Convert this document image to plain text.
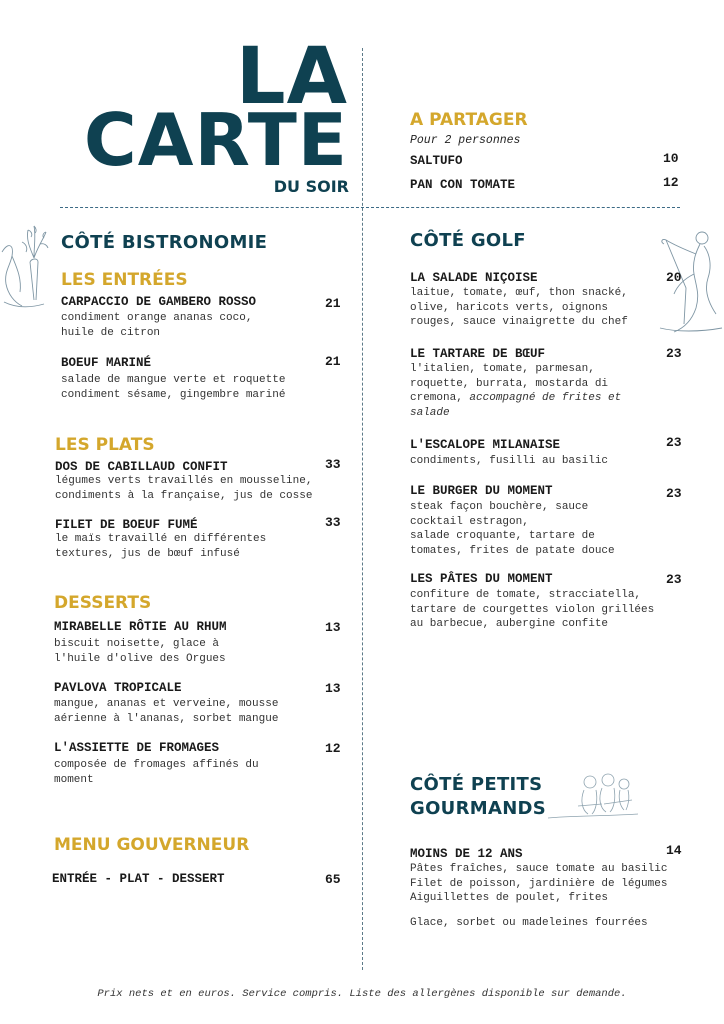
LA
CARTE
DU SOIR
A PARTAGER
Pour 2 personnes
SALTUFO	10
PAN CON TOMATE	12
CÔTÉ BISTRONOMIE
LES ENTRÉES
CARPACCIO DE GAMBERO ROSSO	21
condiment orange ananas coco,
huile de citron
BOEUF MARINÉ	21
salade de mangue verte et roquette
condiment sésame, gingembre mariné
LES PLATS
DOS DE CABILLAUD CONFIT	33
légumes verts travaillés en mousseline,
condiments à la française, jus de cosse
FILET DE BOEUF FUMÉ	33
le maïs travaillé en différentes
textures, jus de bœuf infusé
DESSERTS
MIRABELLE RÔTIE AU RHUM	13
biscuit noisette, glace à
l'huile d'olive des Orgues
PAVLOVA TROPICALE	13
mangue, ananas et verveine, mousse
aérienne à l'ananas, sorbet mangue
L'ASSIETTE DE FROMAGES	12
composée de fromages affinés du
moment
MENU GOUVERNEUR
ENTRÉE - PLAT - DESSERT	65
CÔTÉ GOLF
LA SALADE NIÇOISE	20
laitue, tomate, œuf, thon snacké,
olive, haricots verts, oignons
rouges, sauce vinaigrette du chef
LE TARTARE DE BŒUF	23
l'italien, tomate, parmesan,
roquette, burrata, mostarda di
cremona, accompagné de frites et
salade
L'ESCALOPE MILANAISE	23
condiments, fusilli au basilic
LE BURGER DU MOMENT	23
steak façon bouchère, sauce
cocktail estragon,
salade croquante, tartare de
tomates, frites de patate douce
LES PÂTES DU MOMENT	23
confiture de tomate, stracciatella,
tartare de courgettes violon grillées
au barbecue, aubergine confite
CÔTÉ PETITS
GOURMANDS
MOINS DE 12 ANS	14
Pâtes fraîches, sauce tomate au basilic
Filet de poisson, jardinière de légumes
Aiguillettes de poulet, frites
Glace, sorbet ou madeleines fourrées
Prix nets et en euros. Service compris. Liste des allergènes disponible sur demande.
